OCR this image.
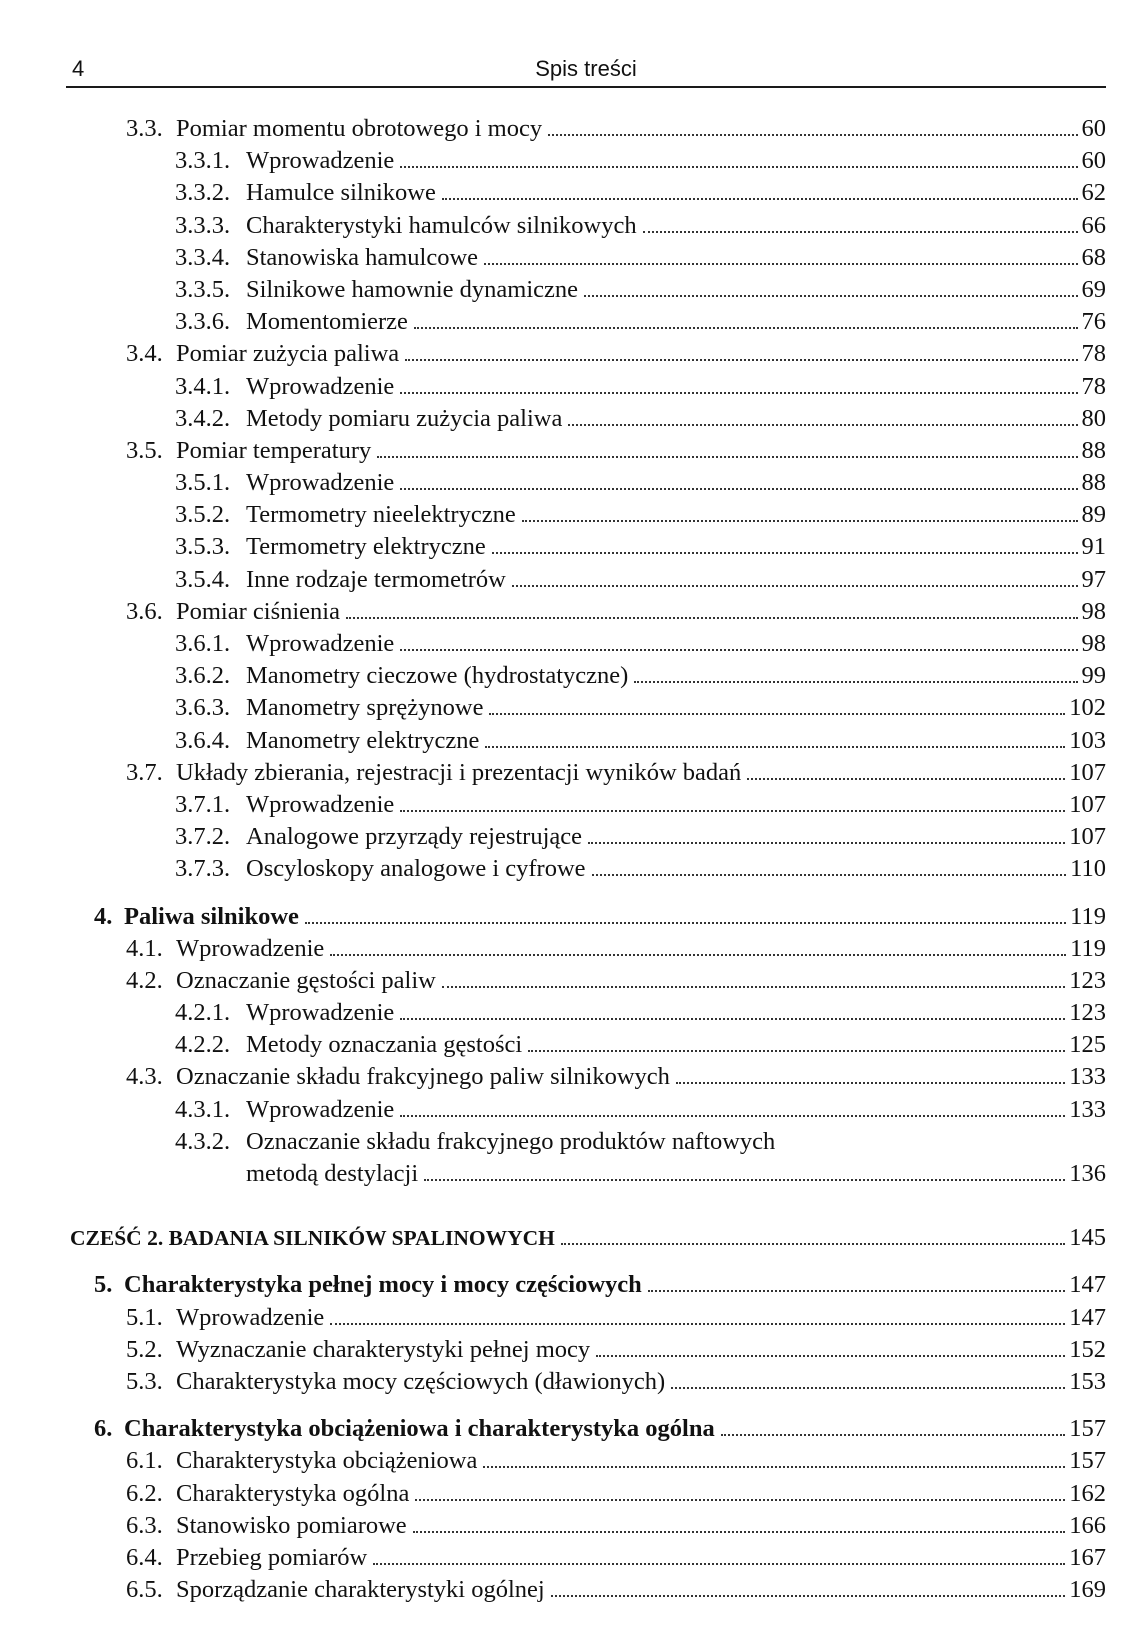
4	Spis treści
3.3. Pomiar momentu obrotowego i mocy	60
3.3.1. Wprowadzenie	60
3.3.2. Hamulce silnikowe	62
3.3.3. Charakterystyki hamulców silnikowych	66
3.3.4. Stanowiska hamulcowe	68
3.3.5. Silnikowe hamownie dynamiczne	69
3.3.6. Momentomierze	76
3.4. Pomiar zużycia paliwa	78
3.4.1. Wprowadzenie	78
3.4.2. Metody pomiaru zużycia paliwa	80
3.5. Pomiar temperatury	88
3.5.1. Wprowadzenie	88
3.5.2. Termometry nieelektryczne	89
3.5.3. Termometry elektryczne	91
3.5.4. Inne rodzaje termometrów	97
3.6. Pomiar ciśnienia	98
3.6.1. Wprowadzenie	98
3.6.2. Manometry cieczowe (hydrostatyczne)	99
3.6.3. Manometry sprężynowe	102
3.6.4. Manometry elektryczne	103
3.7. Układy zbierania, rejestracji i prezentacji wyników badań	107
3.7.1. Wprowadzenie	107
3.7.2. Analogowe przyrządy rejestrujące	107
3.7.3. Oscyloskopy analogowe i cyfrowe	110
4. Paliwa silnikowe	119
4.1. Wprowadzenie	119
4.2. Oznaczanie gęstości paliw	123
4.2.1. Wprowadzenie	123
4.2.2. Metody oznaczania gęstości	125
4.3. Oznaczanie składu frakcyjnego paliw silnikowych	133
4.3.1. Wprowadzenie	133
4.3.2. Oznaczanie składu frakcyjnego produktów naftowych
metodą destylacji	136
CZEŚĆ 2. BADANIA SILNIKÓW SPALINOWYCH	145
5. Charakterystyka pełnej mocy i mocy częściowych	147
5.1. Wprowadzenie	147
5.2. Wyznaczanie charakterystyki pełnej mocy	152
5.3. Charakterystyka mocy częściowych (dławionych)	153
6. Charakterystyka obciążeniowa i charakterystyka ogólna	157
6.1. Charakterystyka obciążeniowa	157
6.2. Charakterystyka ogólna	162
6.3. Stanowisko pomiarowe	166
6.4. Przebieg pomiarów	167
6.5. Sporządzanie charakterystyki ogólnej	169
